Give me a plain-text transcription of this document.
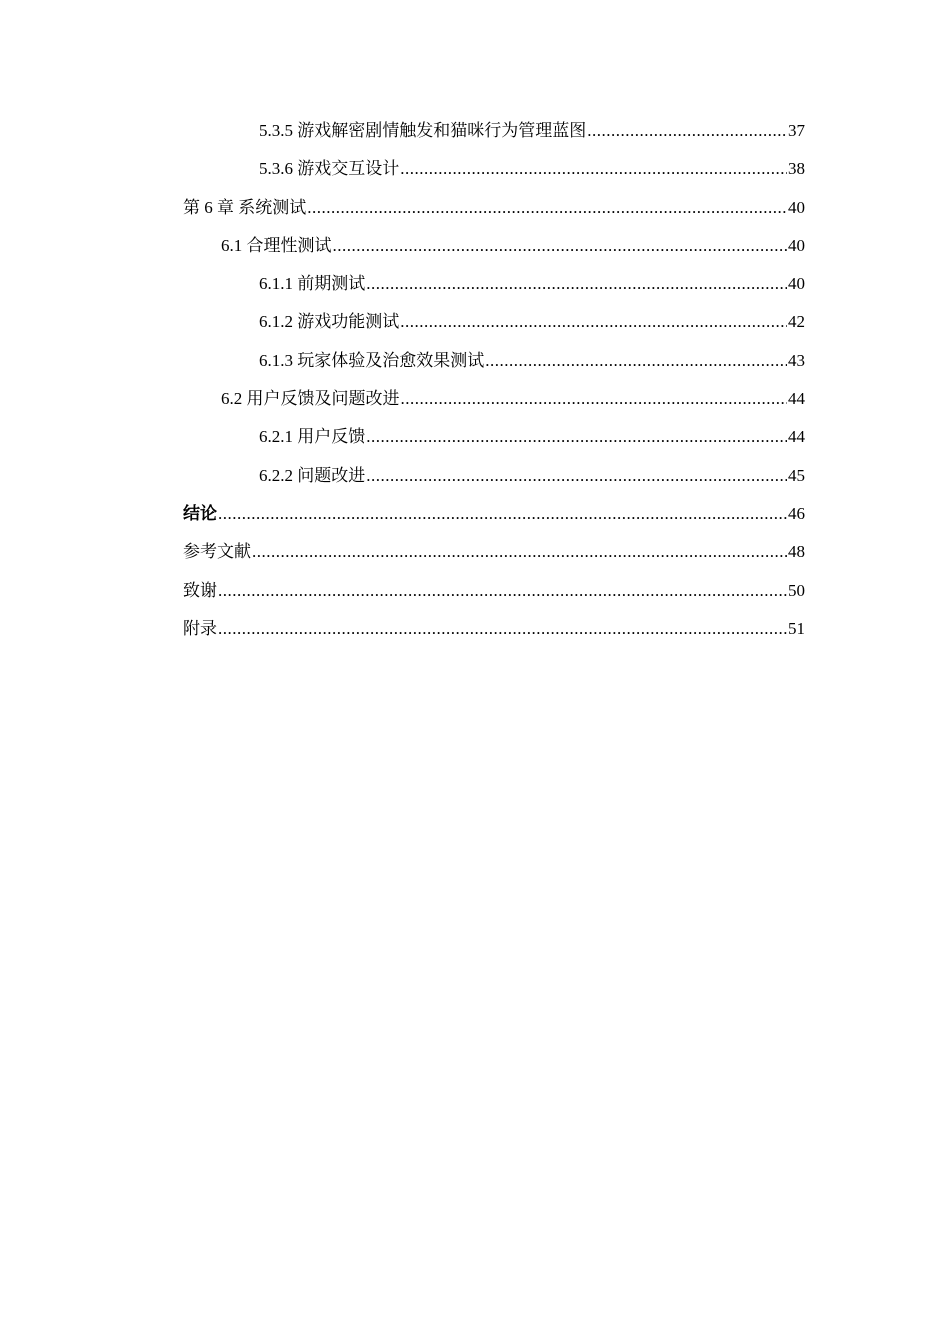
5.3.5 游戏解密剧情触发和猫咪行为管理蓝图 .....	37
5.3.6 游戏交互设计 .....	38
第 6 章 系统测试 .....	40
6.1 合理性测试 .....	40
6.1.1 前期测试 .....	40
6.1.2 游戏功能测试 .....	42
6.1.3 玩家体验及治愈效果测试 .....	43
6.2 用户反馈及问题改进 .....	44
6.2.1 用户反馈 .....	44
6.2.2 问题改进 .....	45
结论 .....	46
参考文献 .....	48
致谢 .....	50
附录 .....	51
